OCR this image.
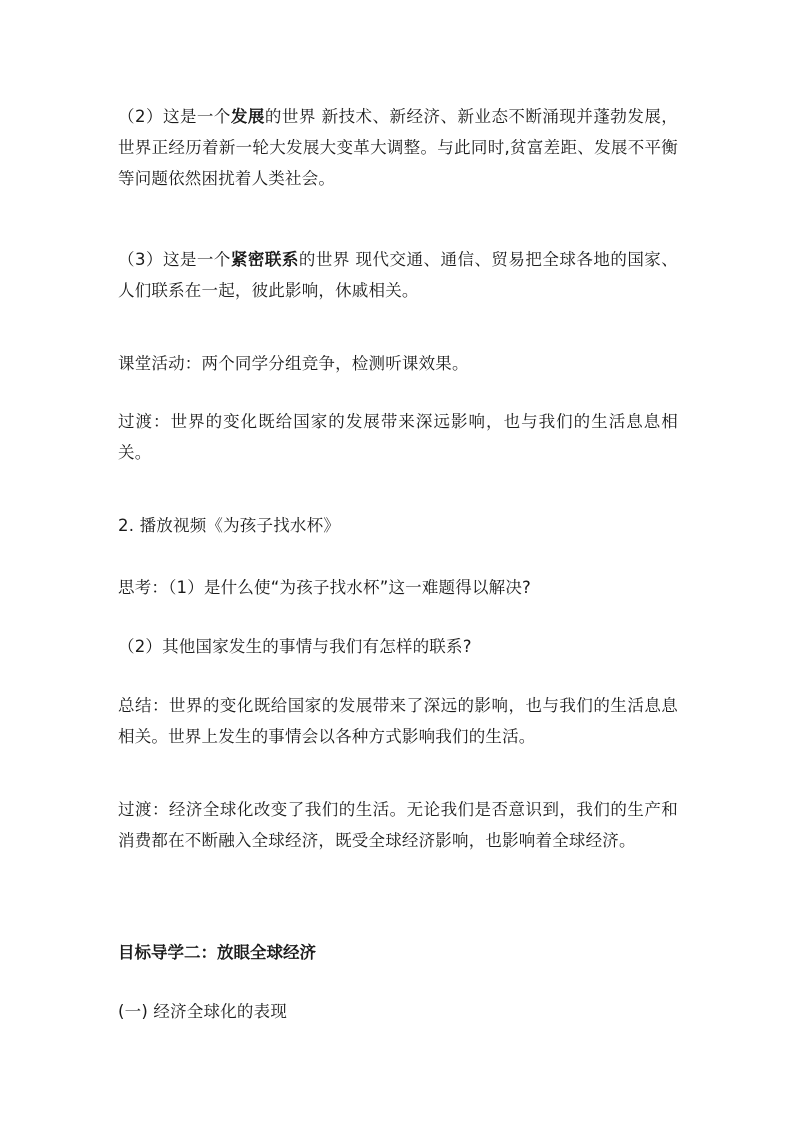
（2）这是一个发展的世界 新技术、新经济、新业态不断涌现并蓬勃发展，世界正经历着新一轮大发展大变革大调整。与此同时,贫富差距、发展不平衡等问题依然困扰着人类社会。

（3）这是一个紧密联系的世界 现代交通、通信、贸易把全球各地的国家、人们联系在一起，彼此影响，休戚相关。

课堂活动：两个同学分组竞争，检测听课效果。

过渡：世界的变化既给国家的发展带来深远影响，也与我们的生活息息相关。

2. 播放视频《为孩子找水杯》

思考：（1）是什么使“为孩子找水杯”这一难题得以解决?

（2）其他国家发生的事情与我们有怎样的联系?

总结：世界的变化既给国家的发展带来了深远的影响，也与我们的生活息息相关。世界上发生的事情会以各种方式影响我们的生活。

过渡：经济全球化改变了我们的生活。无论我们是否意识到，我们的生产和消费都在不断融入全球经济，既受全球经济影响，也影响着全球经济。

目标导学二：放眼全球经济

(一) 经济全球化的表现
